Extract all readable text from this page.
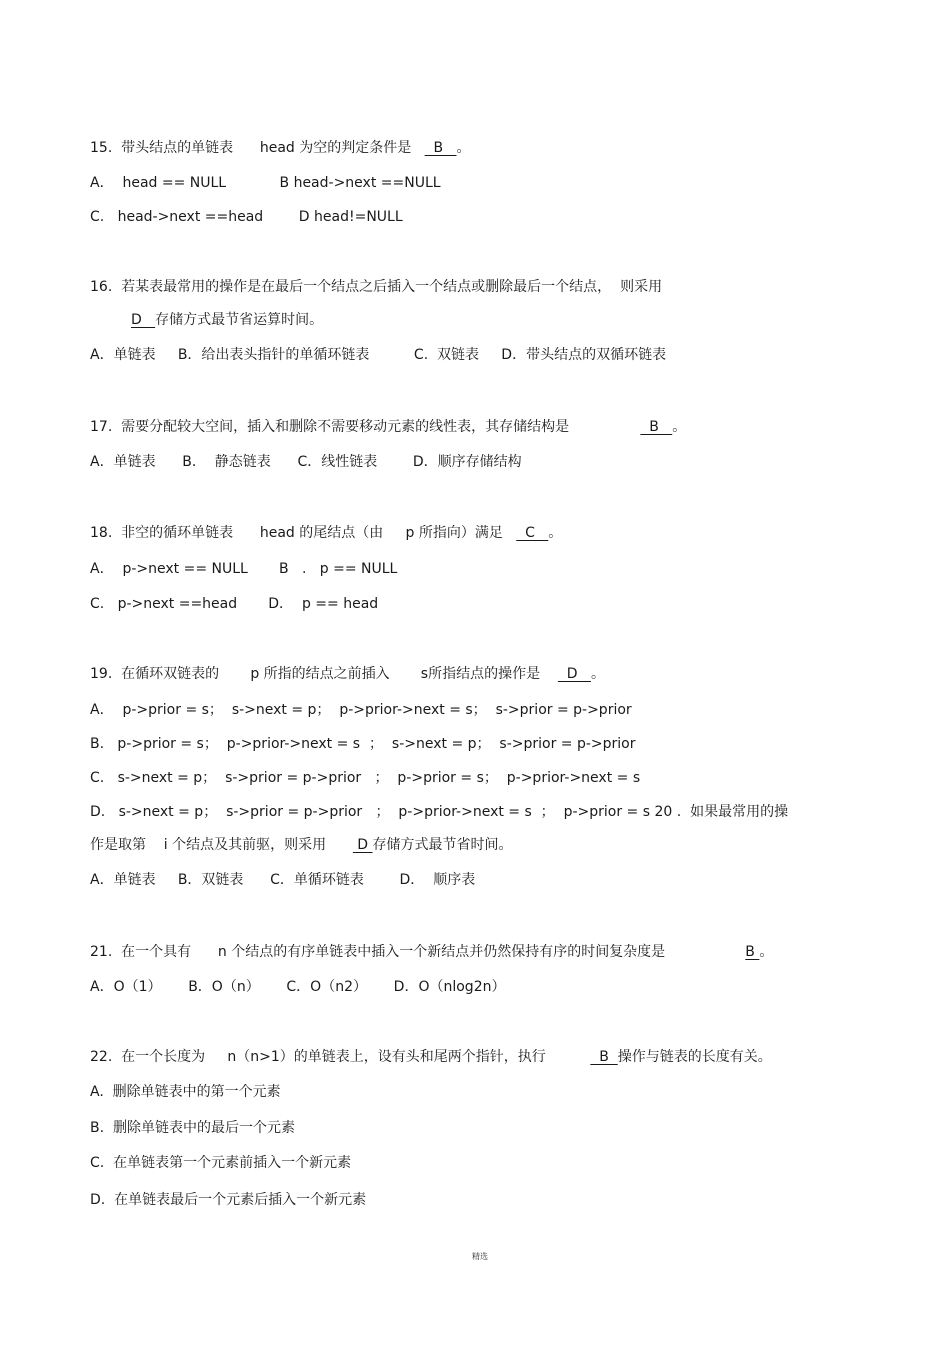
15.  带头结点的单链表      head 为空的判定条件是     B   。
A．  head == NULL            B head->next ==NULL
C.   head->next ==head        D head!=NULL
16.  若某表最常用的操作是在最后一个结点之后插入一个结点或删除最后一个结点，  则采用
D   存储方式最节省运算时间。
A．单链表     B．给出表头指针的单循环链表          C.  双链表     D．带头结点的双循环链表
17.  需要分配较大空间，插入和删除不需要移动元素的线性表，其存储结构是                  B   。
A．单链表      B．  静态链表      C．线性链表        D．顺序存储结构
18.  非空的循环单链表      head 的尾结点（由     p 所指向）满足     C   。
A．  p->next == NULL       B   .   p == NULL
C.   p->next ==head       D．  p == head
19.  在循环双链表的       p 所指的结点之前插入       s所指结点的操作是      D   。
A．  p->prior = s；  s->next = p；  p->prior->next = s；  s->prior = p->prior
B.   p->prior = s；  p->prior->next = s  ；  s->next = p；  s->prior = p->prior
C.   s->next = p；  s->prior = p->prior   ；  p->prior = s；  p->prior->next = s
D.   s->next = p；  s->prior = p->prior   ；  p->prior->next = s  ；  p->prior = s 20 .  如果最常用的操
作是取第    i 个结点及其前驱，则采用       D 存储方式最节省时间。
A．单链表     B．双链表      C．单循环链表        D．  顺序表
21.  在一个具有      n 个结点的有序单链表中插入一个新结点并仍然保持有序的时间复杂度是                  B 。
A．O（1）      B．O（n）      C．O（n2）      D．O（nlog2n）
22.  在一个长度为     n（n>1）的单链表上，设有头和尾两个指针，执行            B  操作与链表的长度有关。
A.  删除单链表中的第一个元素
B.  删除单链表中的最后一个元素
C.  在单链表第一个元素前插入一个新元素
D.  在单链表最后一个元素后插入一个新元素
精选
